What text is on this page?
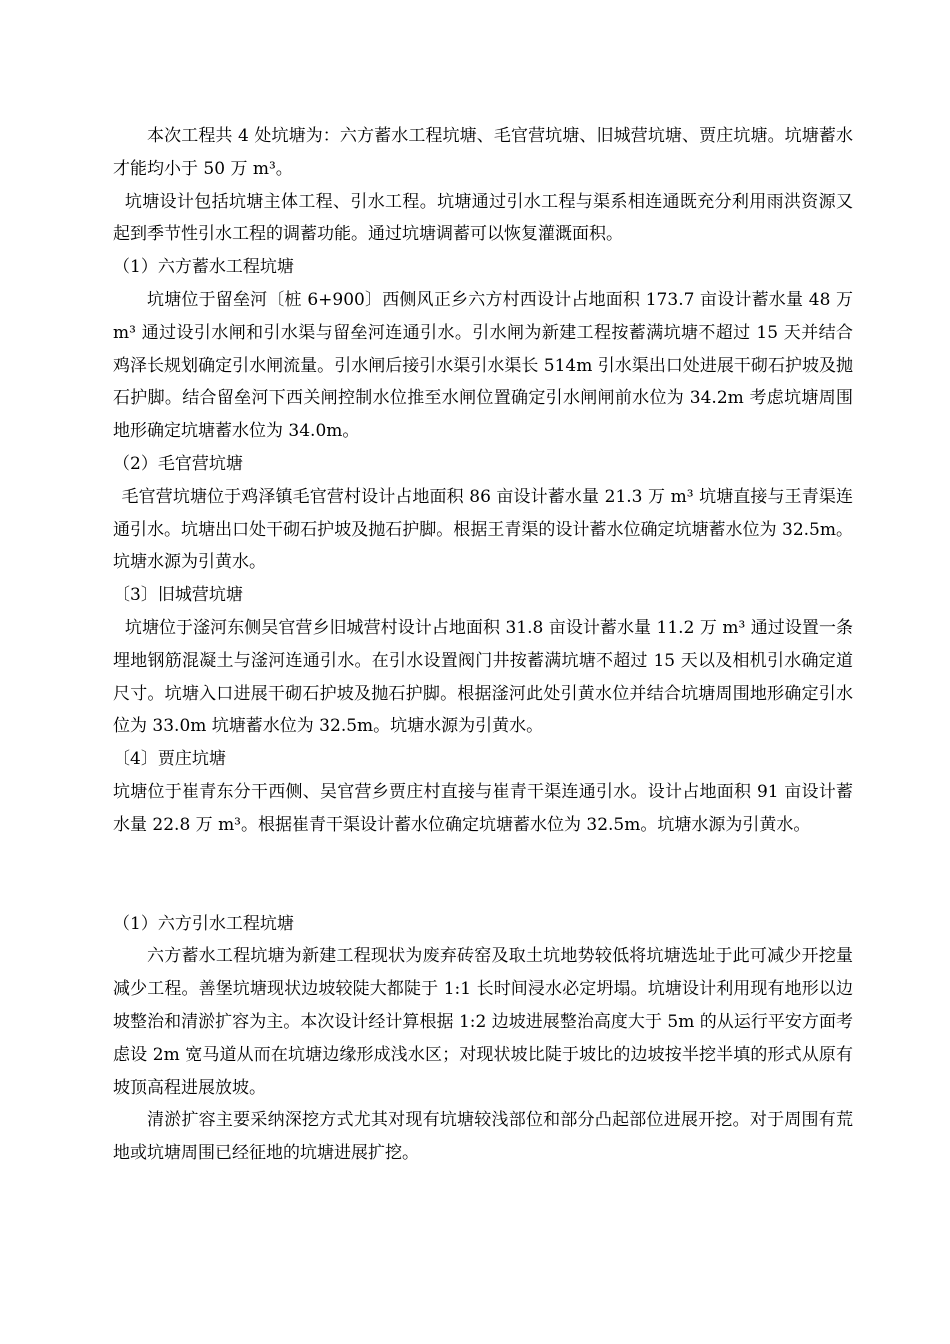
本次工程共 4 处坑塘为：六方蓄水工程坑塘、毛官营坑塘、旧城营坑塘、贾庄坑塘。坑塘蓄水才能均小于 50 万 m³。

坑塘设计包括坑塘主体工程、引水工程。坑塘通过引水工程与渠系相连通既充分利用雨洪资源又起到季节性引水工程的调蓄功能。通过坑塘调蓄可以恢复灌溉面积。

（1）六方蓄水工程坑塘

坑塘位于留垒河〔桩 6+900〕西侧风正乡六方村西设计占地面积 173.7 亩设计蓄水量 48 万 m³ 通过设引水闸和引水渠与留垒河连通引水。引水闸为新建工程按蓄满坑塘不超过 15 天并结合鸡泽长规划确定引水闸流量。引水闸后接引水渠引水渠长 514m 引水渠出口处进展干砌石护坡及抛石护脚。结合留垒河下西关闸控制水位推至水闸位置确定引水闸闸前水位为 34.2m 考虑坑塘周围地形确定坑塘蓄水位为 34.0m。

（2）毛官营坑塘

毛官营坑塘位于鸡泽镇毛官营村设计占地面积 86 亩设计蓄水量 21.3 万 m³ 坑塘直接与王青渠连通引水。坑塘出口处干砌石护坡及抛石护脚。根据王青渠的设计蓄水位确定坑塘蓄水位为 32.5m。坑塘水源为引黄水。

〔3〕旧城营坑塘

坑塘位于滏河东侧吴官营乡旧城营村设计占地面积 31.8 亩设计蓄水量 11.2 万 m³ 通过设置一条埋地钢筋混凝土与滏河连通引水。在引水设置阀门井按蓄满坑塘不超过 15 天以及相机引水确定道尺寸。坑塘入口进展干砌石护坡及抛石护脚。根据滏河此处引黄水位并结合坑塘周围地形确定引水位为 33.0m 坑塘蓄水位为 32.5m。坑塘水源为引黄水。

〔4〕贾庄坑塘

坑塘位于崔青东分干西侧、吴官营乡贾庄村直接与崔青干渠连通引水。设计占地面积 91 亩设计蓄水量 22.8 万 m³。根据崔青干渠设计蓄水位确定坑塘蓄水位为 32.5m。坑塘水源为引黄水。

（1）六方引水工程坑塘

六方蓄水工程坑塘为新建工程现状为废弃砖窑及取土坑地势较低将坑塘选址于此可减少开挖量减少工程。善堡坑塘现状边坡较陡大都陡于 1:1 长时间浸水必定坍塌。坑塘设计利用现有地形以边坡整治和清淤扩容为主。本次设计经计算根据 1:2 边坡进展整治高度大于 5m 的从运行平安方面考虑设 2m 宽马道从而在坑塘边缘形成浅水区；对现状坡比陡于坡比的边坡按半挖半填的形式从原有坡顶高程进展放坡。

清淤扩容主要采纳深挖方式尤其对现有坑塘较浅部位和部分凸起部位进展开挖。对于周围有荒地或坑塘周围已经征地的坑塘进展扩挖。
